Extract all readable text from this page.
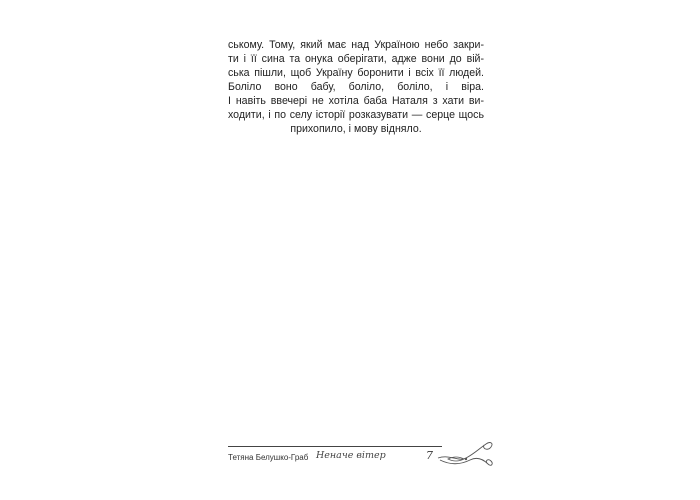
ському. Тому, який має над Україною небо закри-
ти і її сина та онука оберігати, адже вони до вій-
ська пішли, щоб Україну боронити і всіх її людей.
Боліло воно бабу, боліло, боліло, і віра.
І навіть ввечері не хотіла баба Наталя з хати ви-
ходити, і по селу історії розказувати — серце щось
прихопило, і мову відняло.
Тетяна Белушко-Граб Неначе вітер	7
